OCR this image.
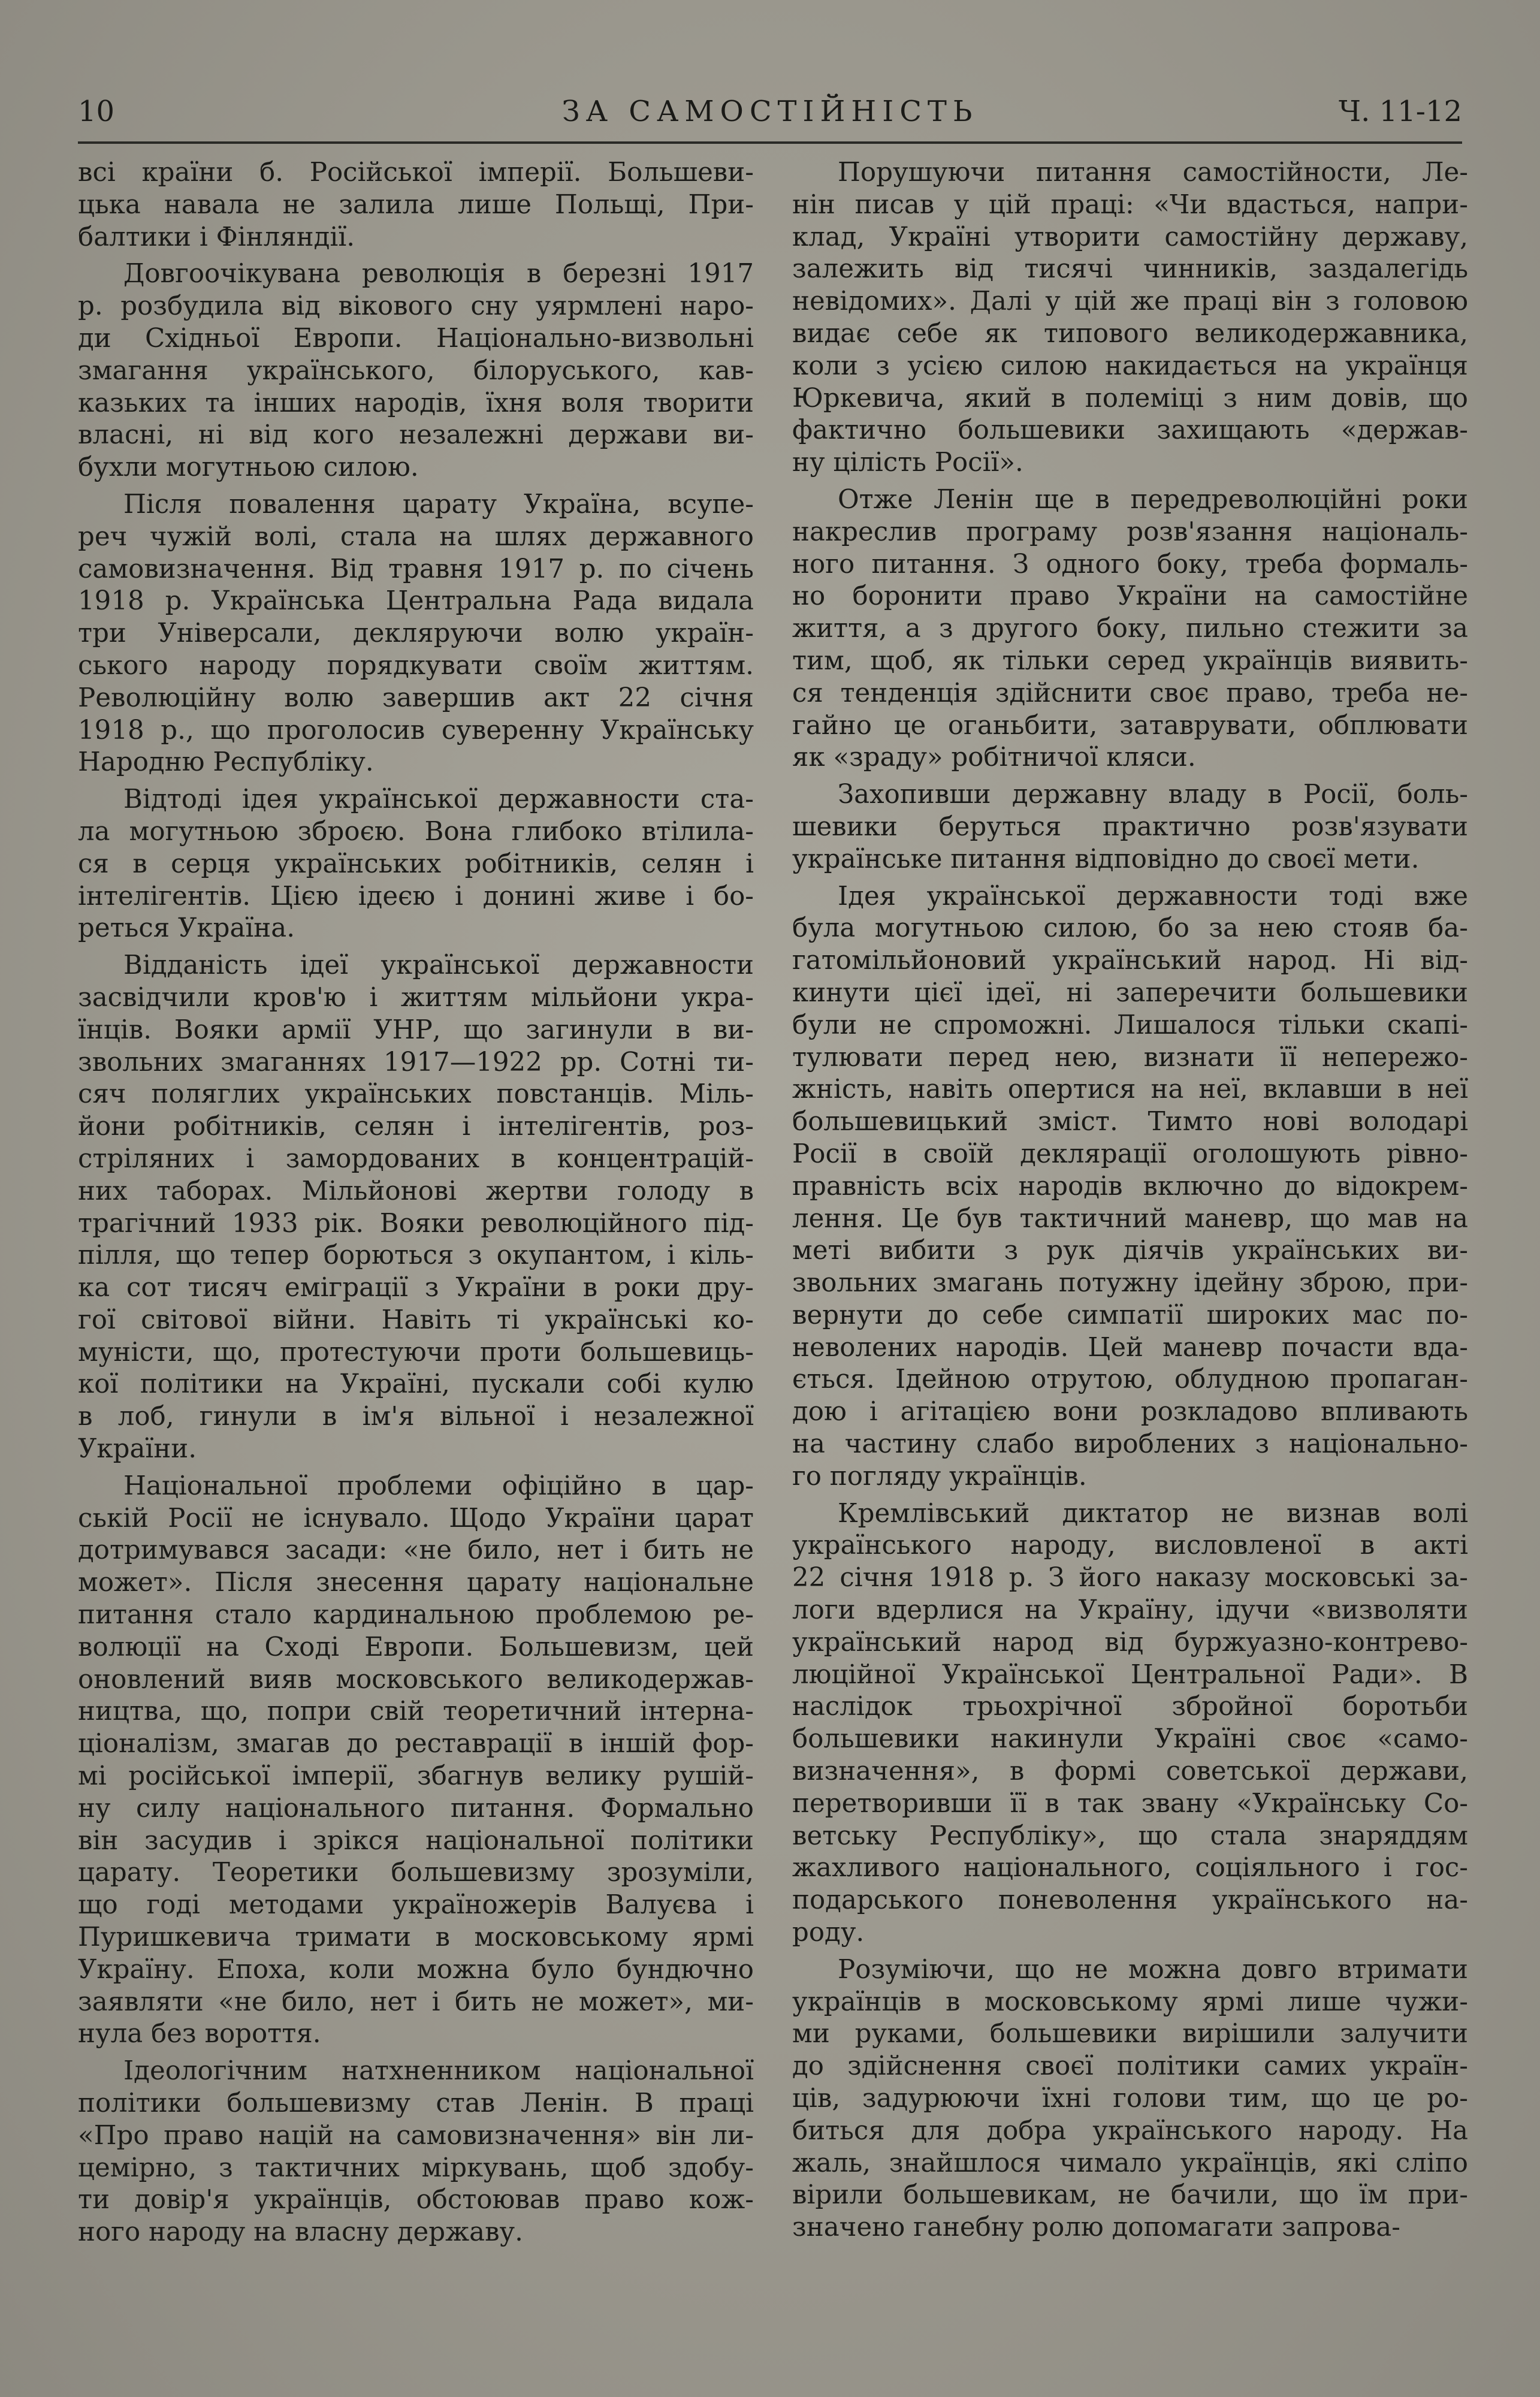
10	ЗА САМОСТІЙНІСТЬ	Ч. 11-12

всі країни б. Російської імперії. Большеви-
цька навала не залила лише Польщі, При-
балтики і Фінляндії.

Довгоочікувана революція в березні 1917
р. розбудила від вікового сну уярмлені наро-
ди Східньої Европи. Національно-визвольні
змагання українського, білоруського, кав-
казьких та інших народів, їхня воля творити
власні, ні від кого незалежні держави ви-
бухли могутньою силою.

Після повалення царату Україна, всупе-
реч чужій волі, стала на шлях державного
самовизначення. Від травня 1917 р. по січень
1918 р. Українська Центральна Рада видала
три Універсали, декляруючи волю україн-
ського народу порядкувати своїм життям.
Революційну волю завершив акт 22 січня
1918 р., що проголосив суверенну Українську
Народню Республіку.

Відтоді ідея української державности ста-
ла могутньою зброєю. Вона глибоко втілила-
ся в серця українських робітників, селян і
інтелігентів. Цією ідеєю і донині живе і бо-
реться Україна.

Відданість ідеї української державности
засвідчили кров'ю і життям мільйони укра-
їнців. Вояки армії УНР, що загинули в ви-
звольних змаганнях 1917—1922 рр. Сотні ти-
сяч поляглих українських повстанців. Міль-
йони робітників, селян і інтелігентів, роз-
стріляних і замордованих в концентрацій-
них таборах. Мільйонові жертви голоду в
трагічний 1933 рік. Вояки революційного під-
пілля, що тепер борються з окупантом, і кіль-
ка сот тисяч еміграції з України в роки дру-
гої світової війни. Навіть ті українські ко-
муністи, що, протестуючи проти большевиць-
кої політики на Україні, пускали собі кулю
в лоб, гинули в ім'я вільної і незалежної
України.

Національної проблеми офіційно в цар-
ській Росії не існувало. Щодо України царат
дотримувався засади: «не било, нет і бить не
может». Після знесення царату національне
питання стало кардинальною проблемою ре-
волюції на Сході Европи. Большевизм, цей
оновлений вияв московського великодержав-
ництва, що, попри свій теоретичний інтерна-
ціоналізм, змагав до реставрації в іншій фор-
мі російської імперії, збагнув велику рушій-
ну силу національного питання. Формально
він засудив і зрікся національної політики
царату. Теоретики большевизму зрозуміли,
що годі методами україножерів Валуєва і
Пуришкевича тримати в московському ярмі
Україну. Епоха, коли можна було бундючно
заявляти «не било, нет і бить не может», ми-
нула без вороття.

Ідеологічним натхненником національної
політики большевизму став Ленін. В праці
«Про право націй на самовизначення» він ли-
цемірно, з тактичних міркувань, щоб здобу-
ти довір'я українців, обстоював право кож-
ного народу на власну державу.

Порушуючи питання самостійности, Ле-
нін писав у цій праці: «Чи вдасться, напри-
клад, Україні утворити самостійну державу,
залежить від тисячі чинників, заздалегідь
невідомих». Далі у цій же праці він з головою
видає себе як типового великодержавника,
коли з усією силою накидається на українця
Юркевича, який в полеміці з ним довів, що
фактично большевики захищають «держав-
ну цілість Росії».

Отже Ленін ще в передреволюційні роки
накреслив програму розв'язання національ-
ного питання. З одного боку, треба формаль-
но боронити право України на самостійне
життя, а з другого боку, пильно стежити за
тим, щоб, як тільки серед українців виявить-
ся тенденція здійснити своє право, треба не-
гайно це оганьбити, затаврувати, обплювати
як «зраду» робітничої кляси.

Захопивши державну владу в Росії, боль-
шевики беруться практично розв'язувати
українське питання відповідно до своєї мети.

Ідея української державности тоді вже
була могутньою силою, бо за нею стояв ба-
гатомільйоновий український народ. Ні від-
кинути цієї ідеї, ні заперечити большевики
були не спроможні. Лишалося тільки скапі-
тулювати перед нею, визнати її непережо-
жність, навіть опертися на неї, вклавши в неї
большевицький зміст. Тимто нові володарі
Росії в своїй деклярації оголошують рівно-
правність всіх народів включно до відокрем-
лення. Це був тактичний маневр, що мав на
меті вибити з рук діячів українських ви-
звольних змагань потужну ідейну зброю, при-
вернути до себе симпатії широких мас по-
неволених народів. Цей маневр почасти вда-
ється. Ідейною отрутою, облудною пропаган-
дою і агітацією вони розкладово впливають
на частину слабо вироблених з національно-
го погляду українців.

Кремлівський диктатор не визнав волі
українського народу, висловленої в акті
22 січня 1918 р. З його наказу московські за-
логи вдерлися на Україну, ідучи «визволяти
український народ від буржуазно-контрево-
люційної Української Центральної Ради». В
наслідок трьохрічної збройної боротьби
большевики накинули Україні своє «само-
визначення», в формі советської держави,
перетворивши її в так звану «Українську Со-
ветську Республіку», що стала знаряддям
жахливого національного, соціяльного і гос-
подарського поневолення українського на-
роду.

Розуміючи, що не можна довго втримати
українців в московському ярмі лише чужи-
ми руками, большевики вирішили залучити
до здійснення своєї політики самих україн-
ців, задурюючи їхні голови тим, що це ро-
биться для добра українського народу. На
жаль, знайшлося чимало українців, які сліпо
вірили большевикам, не бачили, що їм при-
значено ганебну ролю допомагати запрова-
